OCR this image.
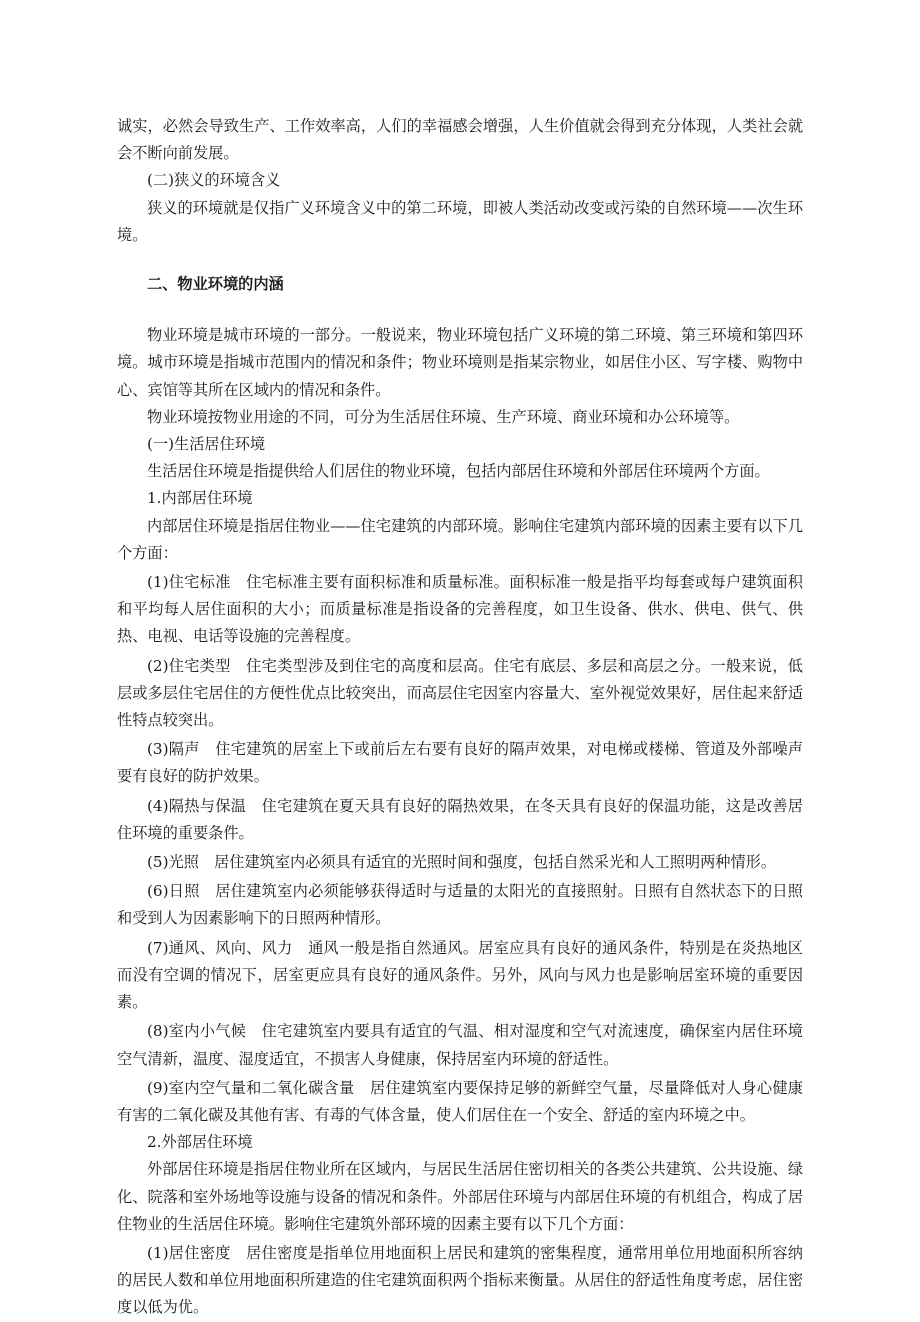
诚实，必然会导致生产、工作效率高，人们的幸福感会增强，人生价值就会得到充分体现，人类社会就会不断向前发展。

(二)狭义的环境含义

狭义的环境就是仅指广义环境含义中的第二环境，即被人类活动改变或污染的自然环境——次生环境。

二、物业环境的内涵

物业环境是城市环境的一部分。一般说来，物业环境包括广义环境的第二环境、第三环境和第四环境。城市环境是指城市范围内的情况和条件；物业环境则是指某宗物业，如居住小区、写字楼、购物中心、宾馆等其所在区域内的情况和条件。

物业环境按物业用途的不同，可分为生活居住环境、生产环境、商业环境和办公环境等。

(一)生活居住环境

生活居住环境是指提供给人们居住的物业环境，包括内部居住环境和外部居住环境两个方面。

1.内部居住环境

内部居住环境是指居住物业——住宅建筑的内部环境。影响住宅建筑内部环境的因素主要有以下几个方面：

(1)住宅标准　住宅标准主要有面积标准和质量标准。面积标准一般是指平均每套或每户建筑面积和平均每人居住面积的大小；而质量标准是指设备的完善程度，如卫生设备、供水、供电、供气、供热、电视、电话等设施的完善程度。

(2)住宅类型　住宅类型涉及到住宅的高度和层高。住宅有底层、多层和高层之分。一般来说，低层或多层住宅居住的方便性优点比较突出，而高层住宅因室内容量大、室外视觉效果好，居住起来舒适性特点较突出。

(3)隔声　住宅建筑的居室上下或前后左右要有良好的隔声效果，对电梯或楼梯、管道及外部噪声要有良好的防护效果。

(4)隔热与保温　住宅建筑在夏天具有良好的隔热效果，在冬天具有良好的保温功能，这是改善居住环境的重要条件。

(5)光照　居住建筑室内必须具有适宜的光照时间和强度，包括自然采光和人工照明两种情形。

(6)日照　居住建筑室内必须能够获得适时与适量的太阳光的直接照射。日照有自然状态下的日照和受到人为因素影响下的日照两种情形。

(7)通风、风向、风力　通风一般是指自然通风。居室应具有良好的通风条件，特别是在炎热地区而没有空调的情况下，居室更应具有良好的通风条件。另外，风向与风力也是影响居室环境的重要因素。

(8)室内小气候　住宅建筑室内要具有适宜的气温、相对湿度和空气对流速度，确保室内居住环境空气清新，温度、湿度适宜，不损害人身健康，保持居室内环境的舒适性。

(9)室内空气量和二氧化碳含量　居住建筑室内要保持足够的新鲜空气量，尽量降低对人身心健康有害的二氧化碳及其他有害、有毒的气体含量，使人们居住在一个安全、舒适的室内环境之中。

2.外部居住环境

外部居住环境是指居住物业所在区域内，与居民生活居住密切相关的各类公共建筑、公共设施、绿化、院落和室外场地等设施与设备的情况和条件。外部居住环境与内部居住环境的有机组合，构成了居住物业的生活居住环境。影响住宅建筑外部环境的因素主要有以下几个方面：

(1)居住密度　居住密度是指单位用地面积上居民和建筑的密集程度，通常用单位用地面积所容纳的居民人数和单位用地面积所建造的住宅建筑面积两个指标来衡量。从居住的舒适性角度考虑，居住密度以低为优。
